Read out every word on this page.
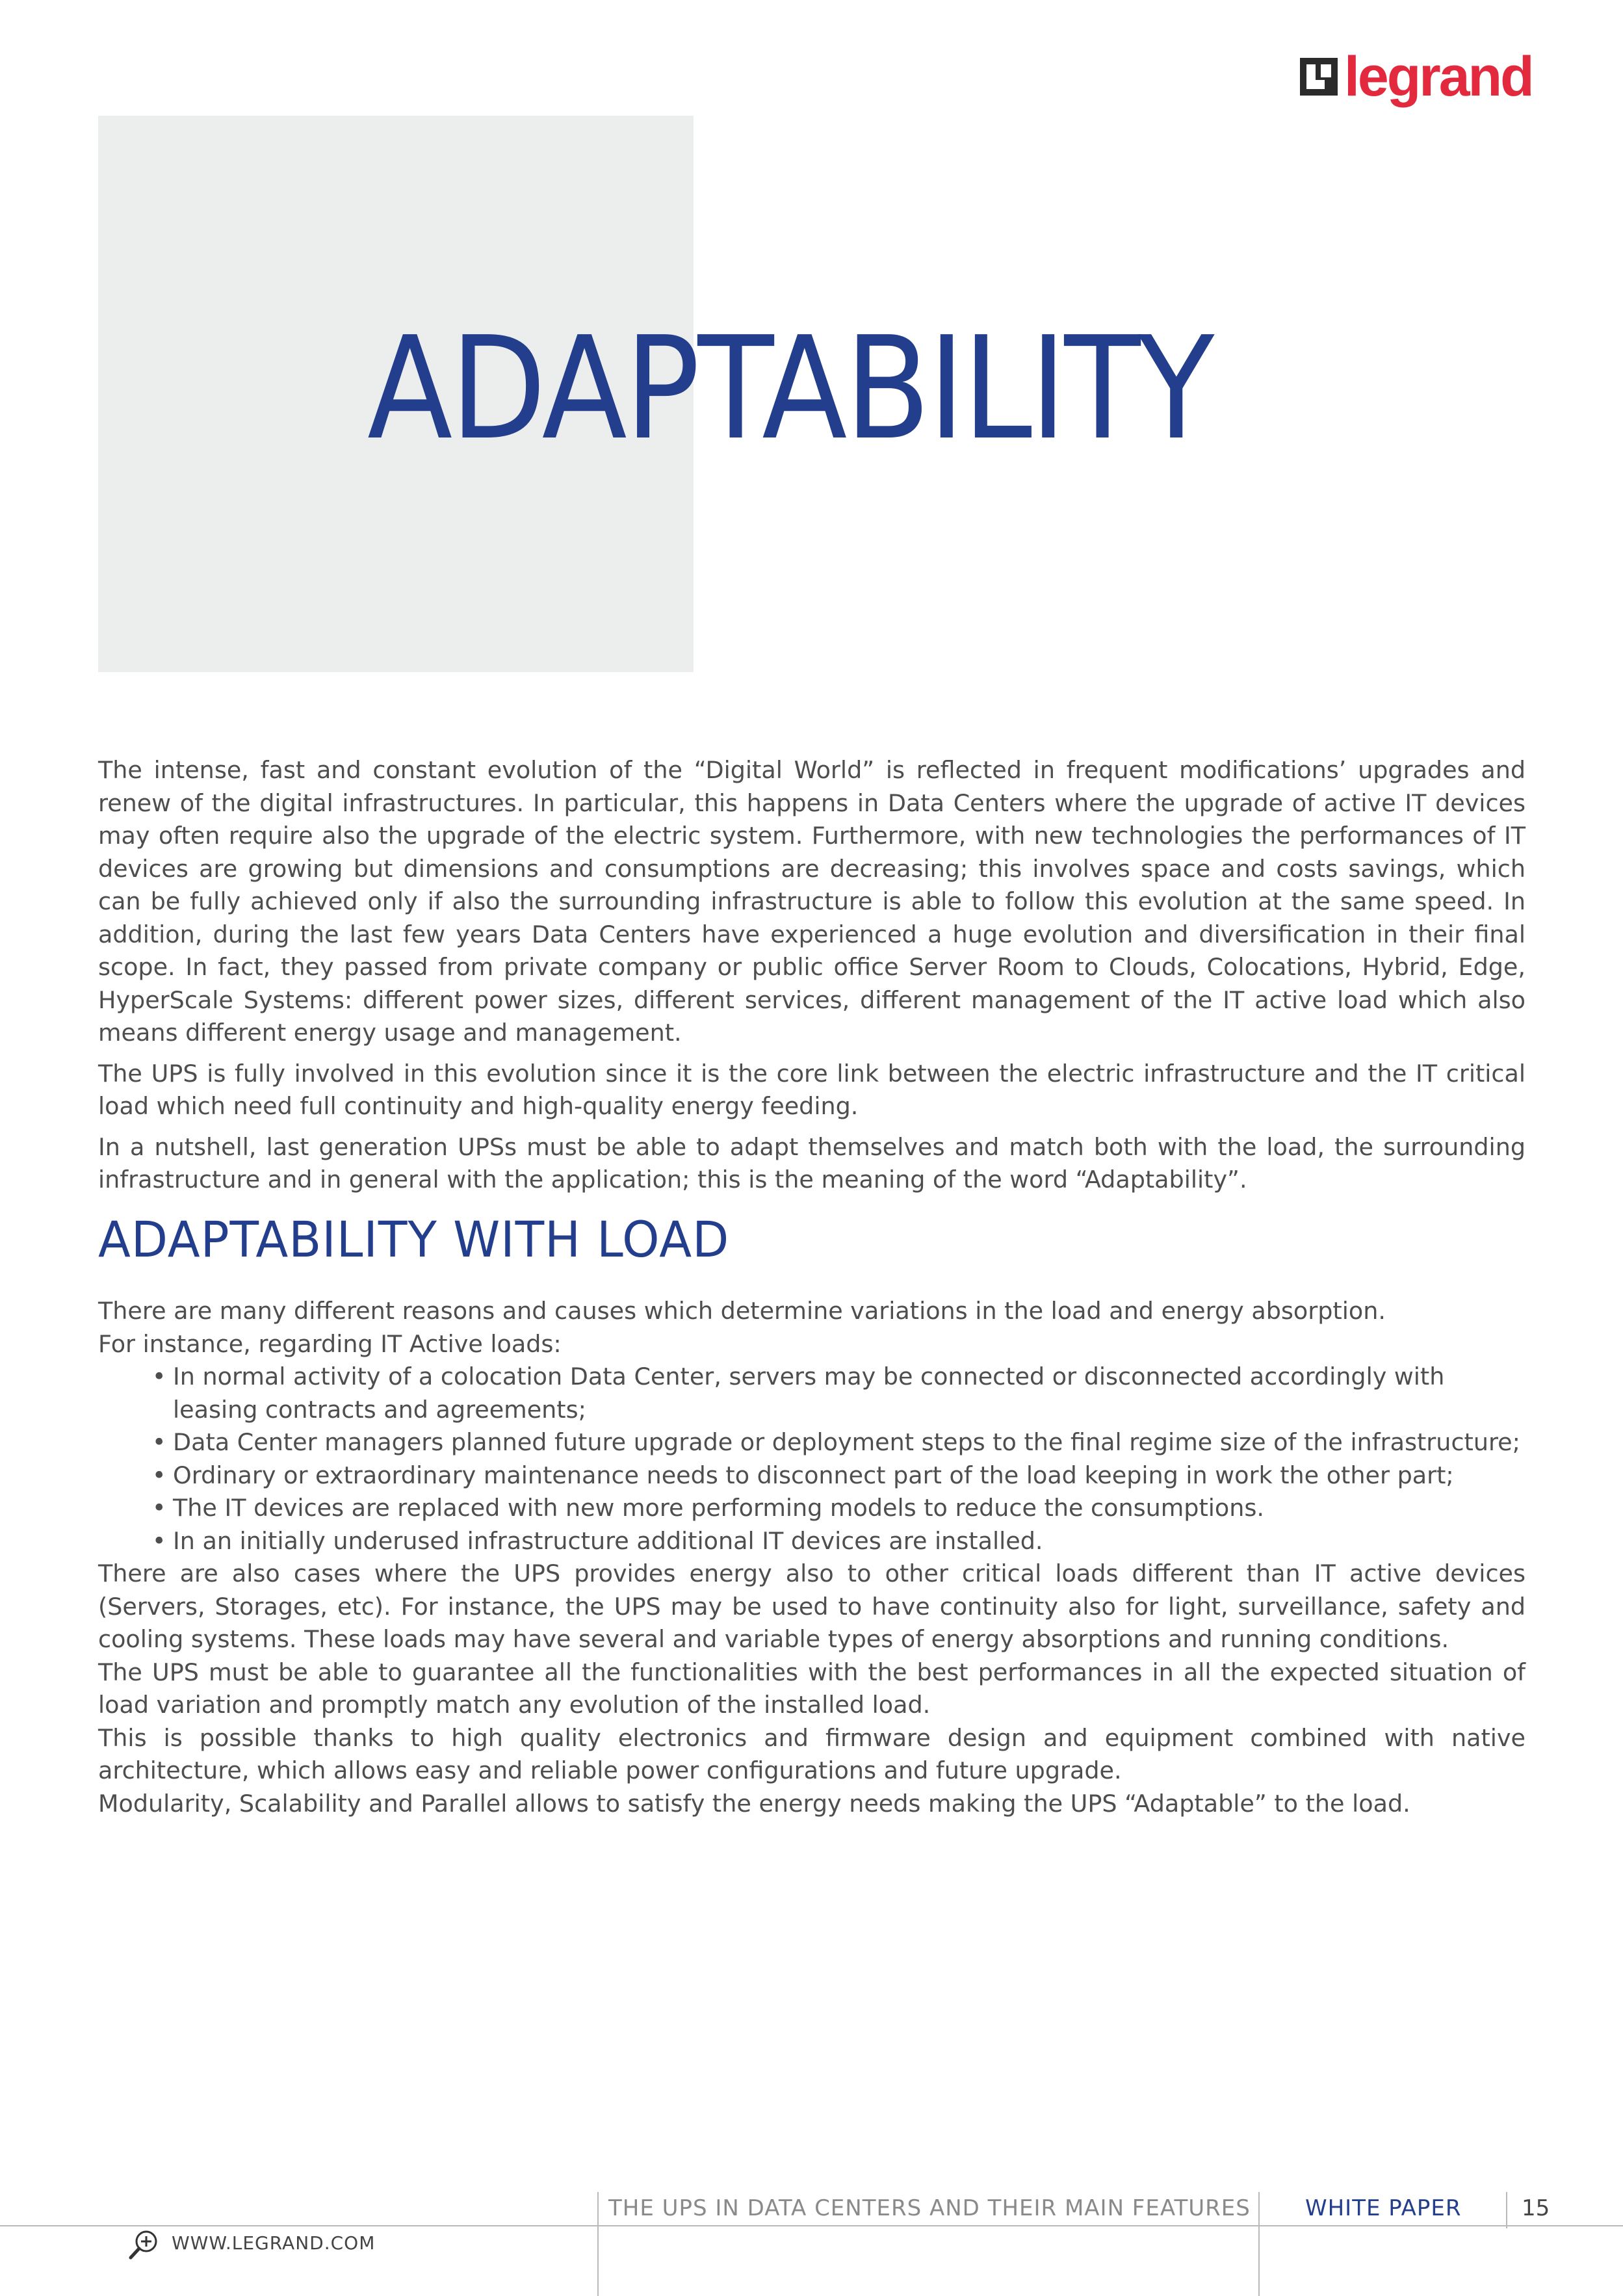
legrand
ADAPTABILITY

The intense, fast and constant evolution of the “Digital World” is reflected in frequent modifications’ upgrades and renew of the digital infrastructures. In particular, this happens in Data Centers where the upgrade of active IT devices may often require also the upgrade of the electric system. Furthermore, with new technologies the performances of IT devices are growing but dimensions and consumptions are decreasing; this involves space and costs savings, which can be fully achieved only if also the surrounding infrastructure is able to follow this evolution at the same speed. In addition, during the last few years Data Centers have experienced a huge evolution and diversification in their final scope. In fact, they passed from private company or public office Server Room to Clouds, Colocations, Hybrid, Edge, HyperScale Systems: different power sizes, different services, different management of the IT active load which also means different energy usage and management.

The UPS is fully involved in this evolution since it is the core link between the electric infrastructure and the IT critical load which need full continuity and high-quality energy feeding.

In a nutshell, last generation UPSs must be able to adapt themselves and match both with the load, the surrounding infrastructure and in general with the application; this is the meaning of the word “Adaptability”.

ADAPTABILITY WITH LOAD

There are many different reasons and causes which determine variations in the load and energy absorption.

For instance, regarding IT Active loads:

• In normal activity of a colocation Data Center, servers may be connected or disconnected accordingly with leasing contracts and agreements;
• Data Center managers planned future upgrade or deployment steps to the final regime size of the infrastructure;
• Ordinary or extraordinary maintenance needs to disconnect part of the load keeping in work the other part;
• The IT devices are replaced with new more performing models to reduce the consumptions.
• In an initially underused infrastructure additional IT devices are installed.

There are also cases where the UPS provides energy also to other critical loads different than IT active devices (Servers, Storages, etc). For instance, the UPS may be used to have continuity also for light, surveillance, safety and cooling systems. These loads may have several and variable types of energy absorptions and running conditions.

The UPS must be able to guarantee all the functionalities with the best performances in all the expected situation of load variation and promptly match any evolution of the installed load.

This is possible thanks to high quality electronics and firmware design and equipment combined with native architecture, which allows easy and reliable power configurations and future upgrade.

Modularity, Scalability and Parallel allows to satisfy the energy needs making the UPS “Adaptable” to the load.

THE UPS IN DATA CENTERS AND THEIR MAIN FEATURES WHITE PAPER	15
WWW.LEGRAND.COM
